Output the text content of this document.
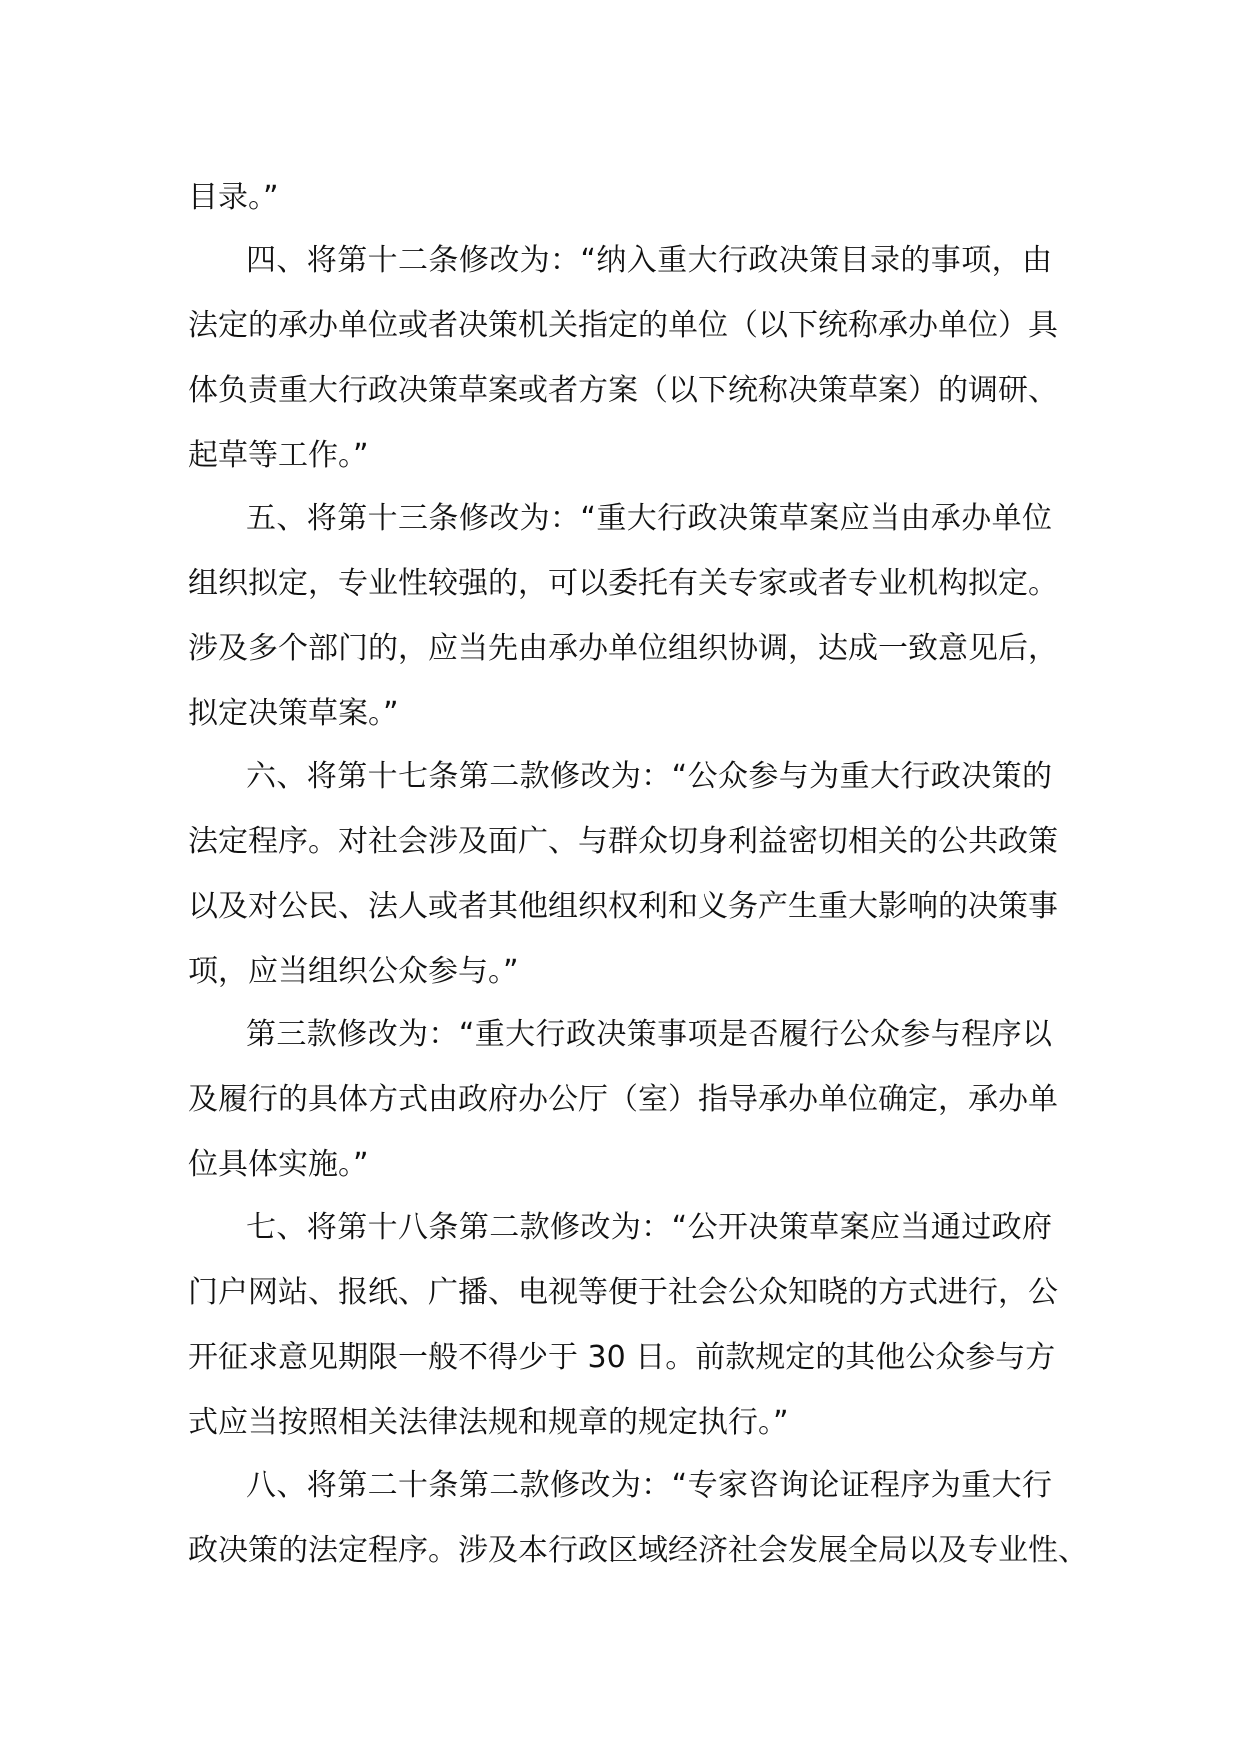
目录。”

四、将第十二条修改为：“纳入重大行政决策目录的事项，由

法定的承办单位或者决策机关指定的单位（以下统称承办单位）具

体负责重大行政决策草案或者方案（以下统称决策草案）的调研、

起草等工作。”

五、将第十三条修改为：“重大行政决策草案应当由承办单位

组织拟定，专业性较强的，可以委托有关专家或者专业机构拟定。

涉及多个部门的，应当先由承办单位组织协调，达成一致意见后，

拟定决策草案。”

六、将第十七条第二款修改为：“公众参与为重大行政决策的

法定程序。对社会涉及面广、与群众切身利益密切相关的公共政策

以及对公民、法人或者其他组织权利和义务产生重大影响的决策事

项，应当组织公众参与。”

第三款修改为：“重大行政决策事项是否履行公众参与程序以

及履行的具体方式由政府办公厅（室）指导承办单位确定，承办单

位具体实施。”

七、将第十八条第二款修改为：“公开决策草案应当通过政府

门户网站、报纸、广播、电视等便于社会公众知晓的方式进行，公

开征求意见期限一般不得少于 30 日。前款规定的其他公众参与方

式应当按照相关法律法规和规章的规定执行。”

八、将第二十条第二款修改为：“专家咨询论证程序为重大行

政决策的法定程序。涉及本行政区域经济社会发展全局以及专业性、
